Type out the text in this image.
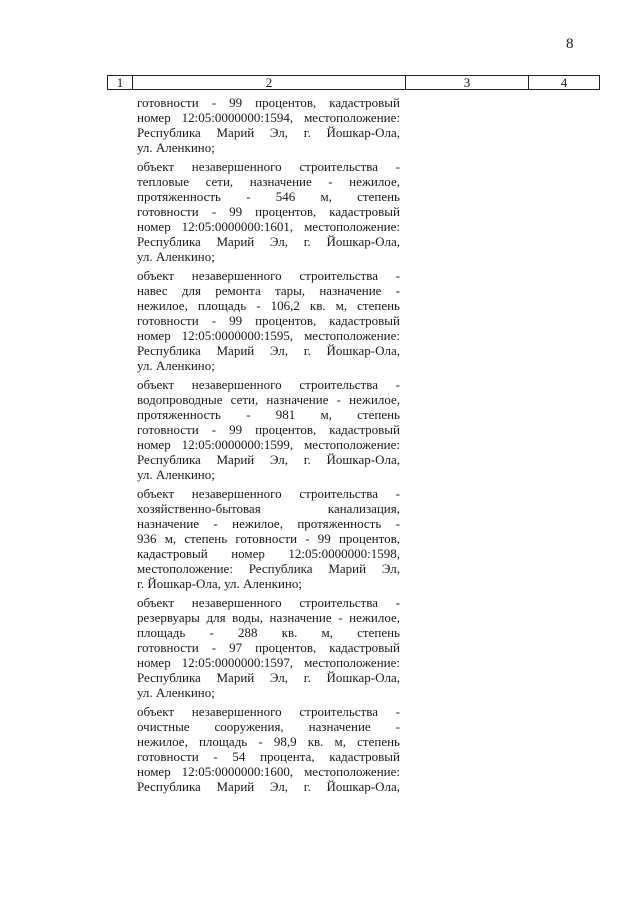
8
1	2	3	4

готовности - 99 процентов, кадастровый
номер 12:05:0000000:1594, местоположение:
Республика Марий Эл, г. Йошкар-Ола,
ул. Аленкино;

объект незавершенного строительства -
тепловые сети, назначение - нежилое,
протяженность - 546 м, степень
готовности - 99 процентов, кадастровый
номер 12:05:0000000:1601, местоположение:
Республика Марий Эл, г. Йошкар-Ола,
ул. Аленкино;

объект незавершенного строительства -
навес для ремонта тары, назначение -
нежилое, площадь - 106,2 кв. м, степень
готовности - 99 процентов, кадастровый
номер 12:05:0000000:1595, местоположение:
Республика Марий Эл, г. Йошкар-Ола,
ул. Аленкино;

объект незавершенного строительства -
водопроводные сети, назначение - нежилое,
протяженность - 981 м, степень
готовности - 99 процентов, кадастровый
номер 12:05:0000000:1599, местоположение:
Республика Марий Эл, г. Йошкар-Ола,
ул. Аленкино;

объект незавершенного строительства -
хозяйственно-бытовая канализация,
назначение - нежилое, протяженность -
936 м, степень готовности - 99 процентов,
кадастровый номер 12:05:0000000:1598,
местоположение: Республика Марий Эл,
г. Йошкар-Ола, ул. Аленкино;

объект незавершенного строительства -
резервуары для воды, назначение - нежилое,
площадь - 288 кв. м, степень
готовности - 97 процентов, кадастровый
номер 12:05:0000000:1597, местоположение:
Республика Марий Эл, г. Йошкар-Ола,
ул. Аленкино;

объект незавершенного строительства -
очистные сооружения, назначение -
нежилое, площадь - 98,9 кв. м, степень
готовности - 54 процента, кадастровый
номер 12:05:0000000:1600, местоположение:
Республика Марий Эл, г. Йошкар-Ола,
